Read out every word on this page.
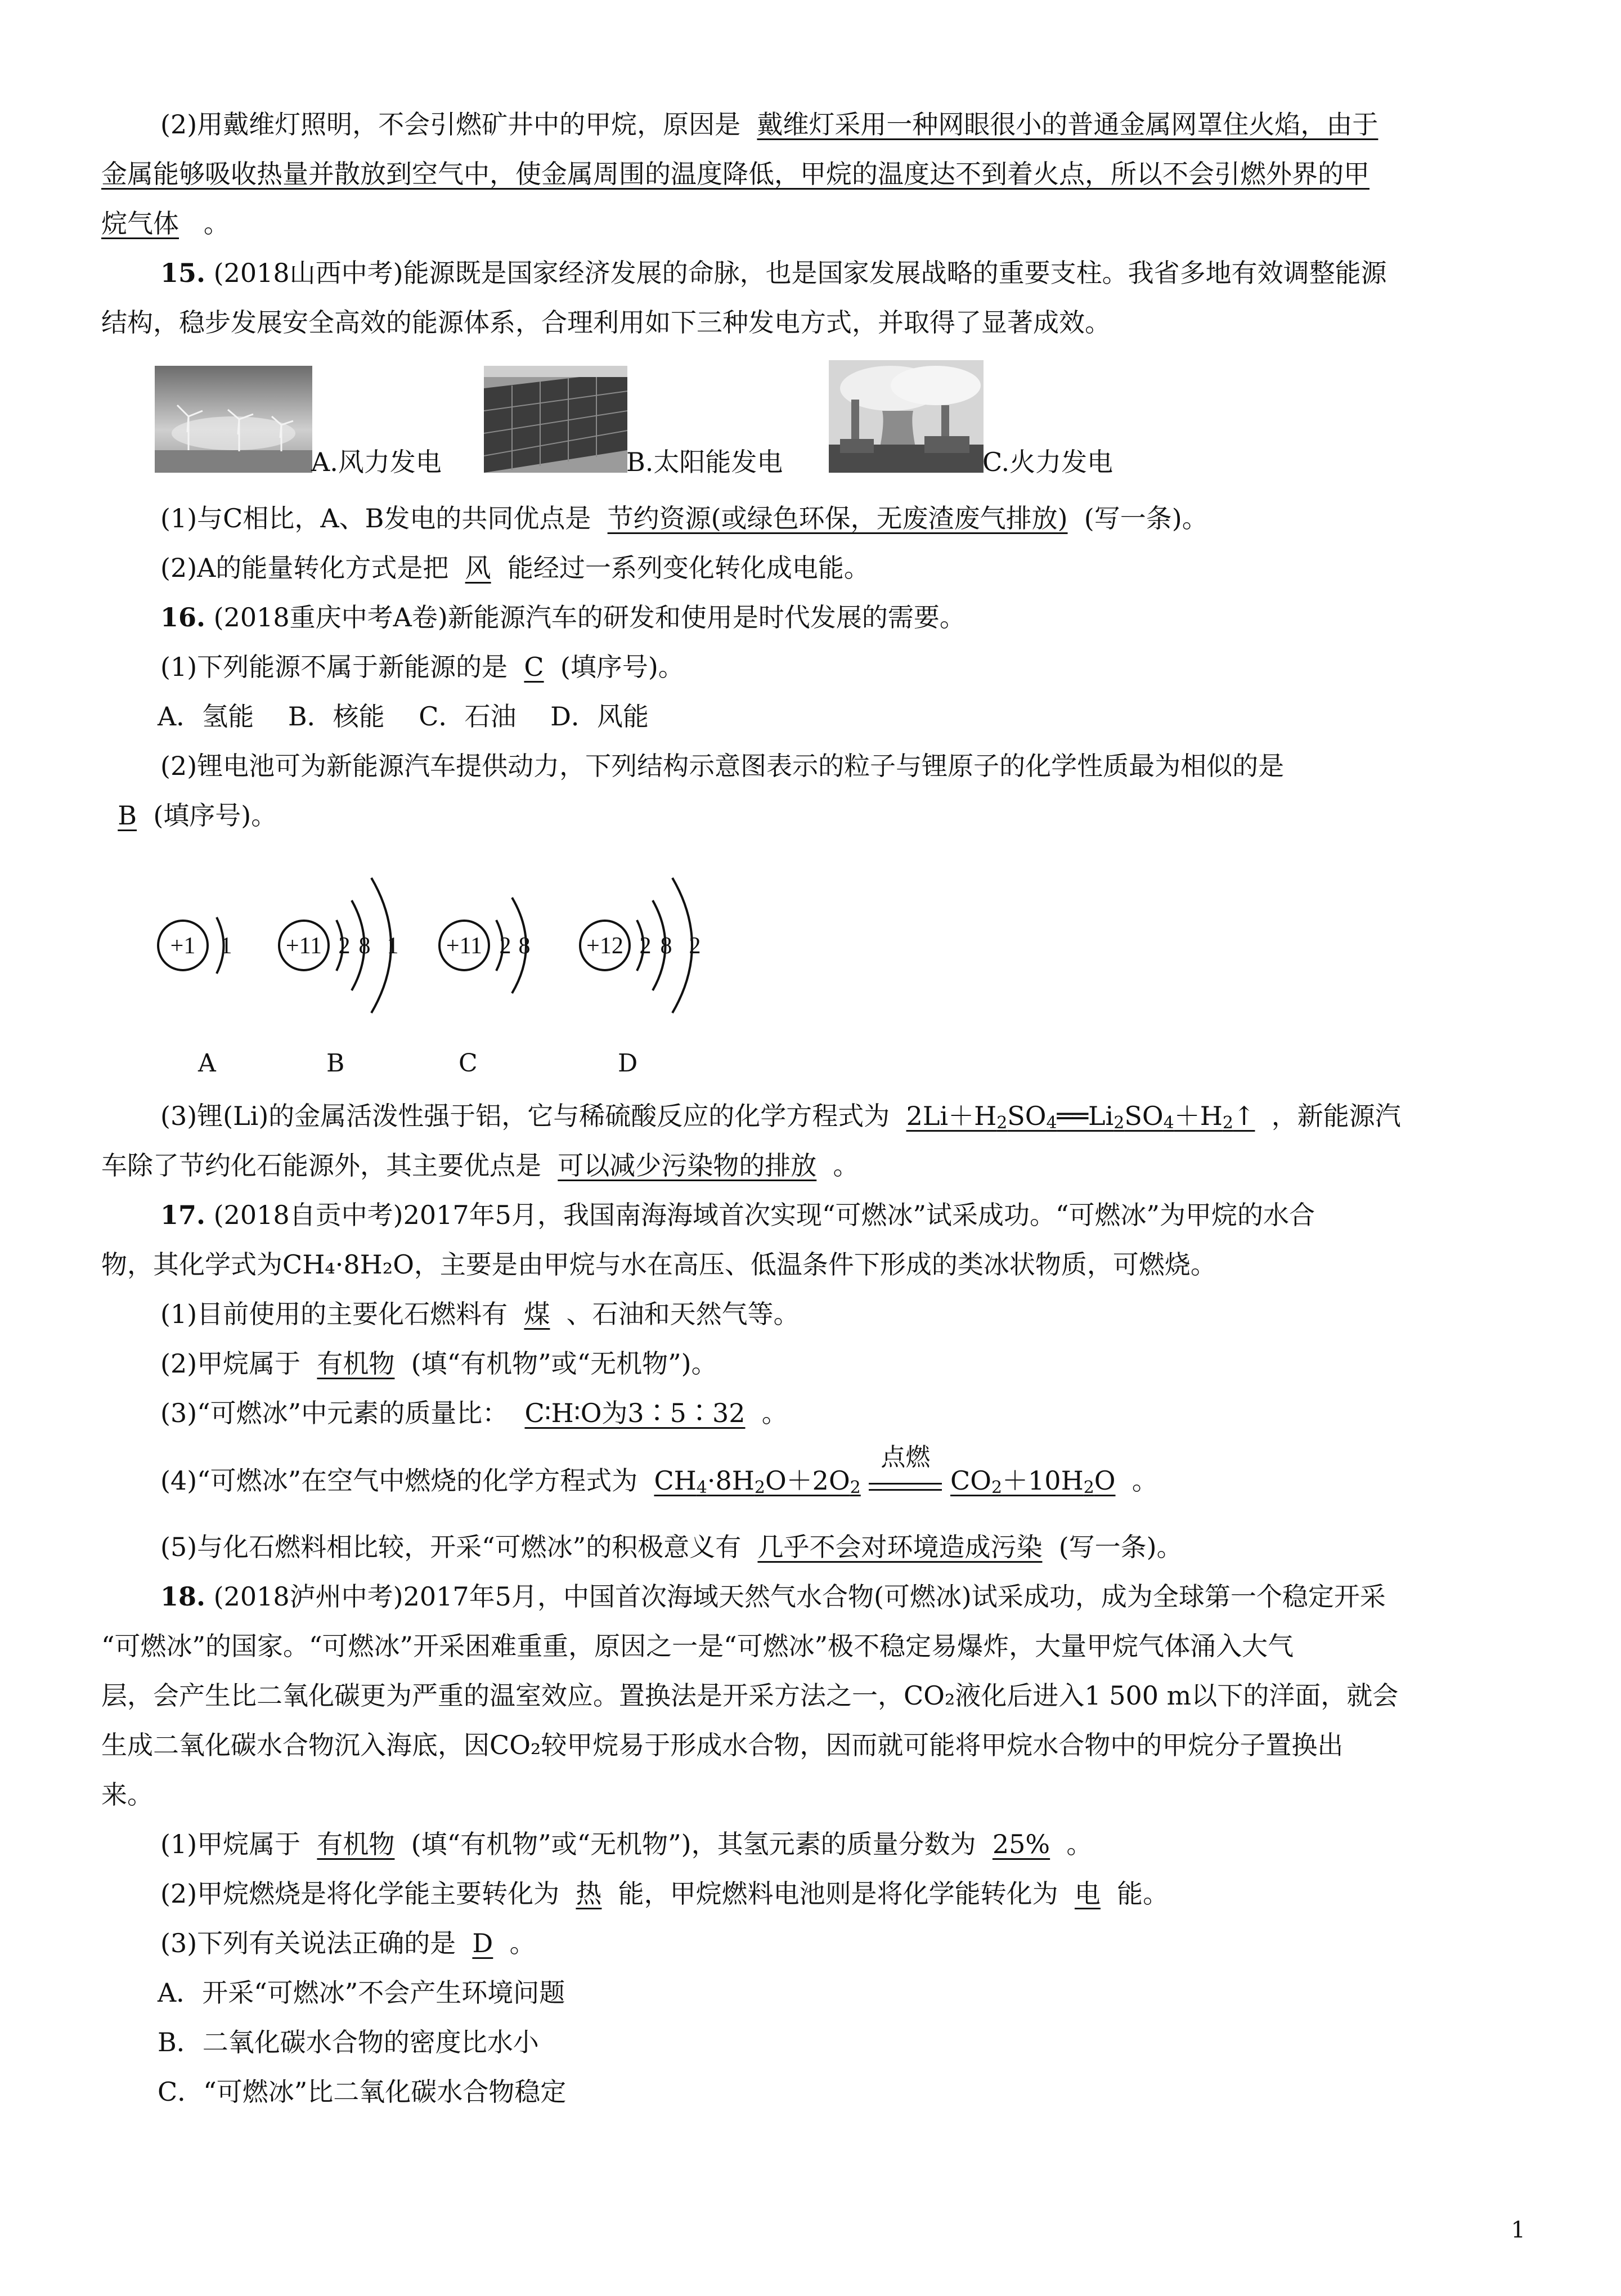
(2)用戴维灯照明，不会引燃矿井中的甲烷，原因是 戴维灯采用一种网眼很小的普通金属网罩住火焰，由于
金属能够吸收热量并散放到空气中，使金属周围的温度降低，甲烷的温度达不到着火点，所以不会引燃外界的甲
烷气体 。
15. (2018山西中考)能源既是国家经济发展的命脉，也是国家发展战略的重要支柱。我省多地有效调整能源
结构，稳步发展安全高效的能源体系，合理利用如下三种发电方式，并取得了显著成效。
A.风力发电	B.太阳能发电	C.火力发电
(1)与C相比，A、B发电的共同优点是 节约资源(或绿色环保，无废渣废气排放) (写一条)。
(2)A的能量转化方式是把 风 能经过一系列变化转化成电能。
16. (2018重庆中考A卷)新能源汽车的研发和使用是时代发展的需要。
(1)下列能源不属于新能源的是 C (填序号)。
A．氢能　 B．核能　 C．石油　 D．风能
(2)锂电池可为新能源汽车提供动力，下列结构示意图表示的粒子与锂原子的化学性质最为相似的是
B (填序号)。
+1 1 +11 2 8 1 +11 2 8 +12 2 8 2
A	B	C	D
(3)锂(Li)的金属活泼性强于铝，它与稀硫酸反应的化学方程式为 $2Li+H_2SO_4══Li_2SO_4+H_2↑$ ，新能源汽
车除了节约化石能源外，其主要优点是 可以减少污染物的排放 。
17. (2018自贡中考)2017年5月，我国南海海域首次实现“可燃冰”试采成功。“可燃冰”为甲烷的水合
物，其化学式为CH₄·8H₂O，主要是由甲烷与水在高压、低温条件下形成的类冰状物质，可燃烧。
(1)目前使用的主要化石燃料有 煤 、石油和天然气等。
(2)甲烷属于 有机物 (填“有机物”或“无机物”)。
(3)“可燃冰”中元素的质量比： C∶H∶O为3∶5∶32 。
(4)“可燃冰”在空气中燃烧的化学方程式为 $CH_4\cdot 8H_2O+2O_2$
点燃
$CO_2+10H_2O$ 。
(5)与化石燃料相比较，开采“可燃冰”的积极意义有 几乎不会对环境造成污染 (写一条)。
18. (2018泸州中考)2017年5月，中国首次海域天然气水合物(可燃冰)试采成功，成为全球第一个稳定开采
“可燃冰”的国家。“可燃冰”开采困难重重，原因之一是“可燃冰”极不稳定易爆炸，大量甲烷气体涌入大气
层，会产生比二氧化碳更为严重的温室效应。置换法是开采方法之一，CO₂液化后进入1 500 m以下的洋面，就会
生成二氧化碳水合物沉入海底，因CO₂较甲烷易于形成水合物，因而就可能将甲烷水合物中的甲烷分子置换出
来。
(1)甲烷属于 有机物 (填“有机物”或“无机物”)，其氢元素的质量分数为 25% 。
(2)甲烷燃烧是将化学能主要转化为 热 能，甲烷燃料电池则是将化学能转化为 电 能。
(3)下列有关说法正确的是 D 。
A．开采“可燃冰”不会产生环境问题
B．二氧化碳水合物的密度比水小
C．“可燃冰”比二氧化碳水合物稳定
1
